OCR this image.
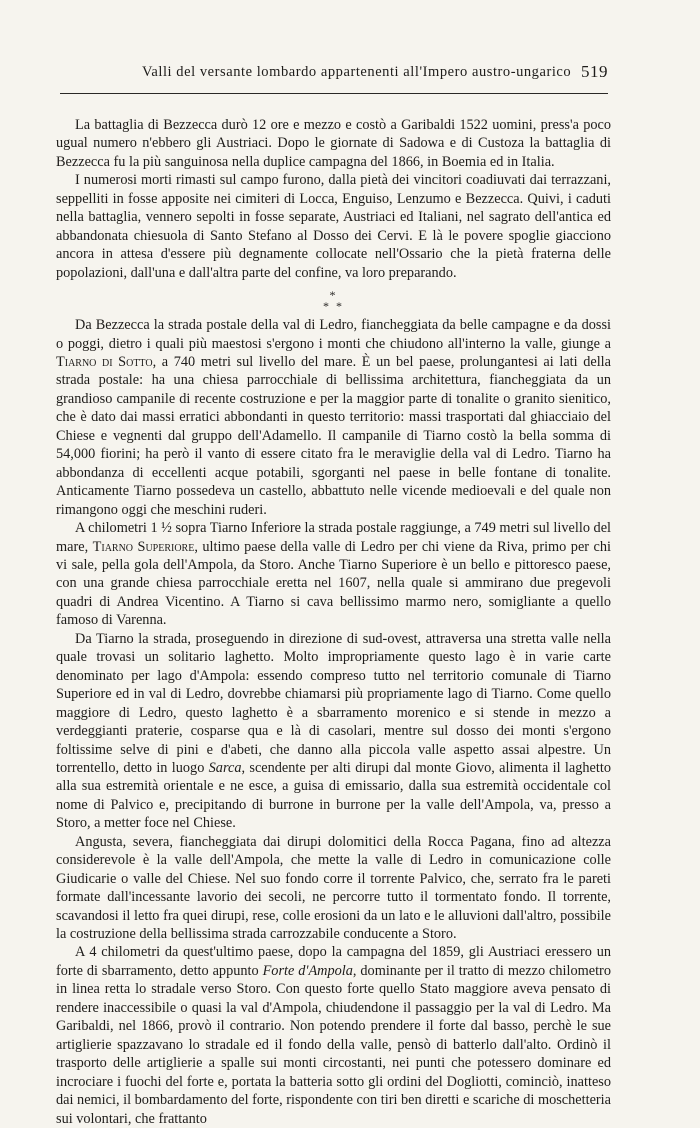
Valli del versante lombardo appartenenti all'Impero austro-ungarico 519

La battaglia di Bezzecca durò 12 ore e mezzo e costò a Garibaldi 1522 uomini, press'a poco ugual numero n'ebbero gli Austriaci. Dopo le giornate di Sadowa e di Custoza la battaglia di Bezzecca fu la più sanguinosa nella duplice campagna del 1866, in Boemia ed in Italia.

I numerosi morti rimasti sul campo furono, dalla pietà dei vincitori coadiuvati dai terrazzani, seppelliti in fosse apposite nei cimiteri di Locca, Enguiso, Lenzumo e Bezzecca. Quivi, i caduti nella battaglia, vennero sepolti in fosse separate, Austriaci ed Italiani, nel sagrato dell'antica ed abbandonata chiesuola di Santo Stefano al Dosso dei Cervi. E là le povere spoglie giacciono ancora in attesa d'essere più degnamente collocate nell'Ossario che la pietà fraterna delle popolazioni, dall'una e dall'altra parte del confine, va loro preparando.

*
* *

Da Bezzecca la strada postale della val di Ledro, fiancheggiata da belle campagne e da dossi o poggi, dietro i quali più maestosi s'ergono i monti che chiudono all'interno la valle, giunge a Tiarno di Sotto, a 740 metri sul livello del mare. È un bel paese, prolungantesi ai lati della strada postale: ha una chiesa parrocchiale di bellissima architettura, fiancheggiata da un grandioso campanile di recente costruzione e per la maggior parte di tonalite o granito sienitico, che è dato dai massi erratici abbondanti in questo territorio: massi trasportati dal ghiacciaio del Chiese e vegnenti dal gruppo dell'Adamello. Il campanile di Tiarno costò la bella somma di 54,000 fiorini; ha però il vanto di essere citato fra le meraviglie della val di Ledro. Tiarno ha abbondanza di eccellenti acque potabili, sgorganti nel paese in belle fontane di tonalite. Anticamente Tiarno possedeva un castello, abbattuto nelle vicende medioevali e del quale non rimangono oggi che meschini ruderi.

A chilometri 1 ½ sopra Tiarno Inferiore la strada postale raggiunge, a 749 metri sul livello del mare, Tiarno Superiore, ultimo paese della valle di Ledro per chi viene da Riva, primo per chi vi sale, pella gola dell'Ampola, da Storo. Anche Tiarno Superiore è un bello e pittoresco paese, con una grande chiesa parrocchiale eretta nel 1607, nella quale si ammirano due pregevoli quadri di Andrea Vicentino. A Tiarno si cava bellissimo marmo nero, somigliante a quello famoso di Varenna.

Da Tiarno la strada, proseguendo in direzione di sud-ovest, attraversa una stretta valle nella quale trovasi un solitario laghetto. Molto impropriamente questo lago è in varie carte denominato per lago d'Ampola: essendo compreso tutto nel territorio comunale di Tiarno Superiore ed in val di Ledro, dovrebbe chiamarsi più propriamente lago di Tiarno. Come quello maggiore di Ledro, questo laghetto è a sbarramento morenico e si stende in mezzo a verdeggianti praterie, cosparse qua e là di casolari, mentre sul dosso dei monti s'ergono foltissime selve di pini e d'abeti, che danno alla piccola valle aspetto assai alpestre. Un torrentello, detto in luogo Sarca, scendente per alti dirupi dal monte Giovo, alimenta il laghetto alla sua estremità orientale e ne esce, a guisa di emissario, dalla sua estremità occidentale col nome di Palvico e, precipitando di burrone in burrone per la valle dell'Ampola, va, presso a Storo, a metter foce nel Chiese.

Angusta, severa, fiancheggiata dai dirupi dolomitici della Rocca Pagana, fino ad altezza considerevole è la valle dell'Ampola, che mette la valle di Ledro in comunicazione colle Giudicarie o valle del Chiese. Nel suo fondo corre il torrente Palvico, che, serrato fra le pareti formate dall'incessante lavorio dei secoli, ne percorre tutto il tormentato fondo. Il torrente, scavandosi il letto fra quei dirupi, rese, colle erosioni da un lato e le alluvioni dall'altro, possibile la costruzione della bellissima strada carrozzabile conducente a Storo.

A 4 chilometri da quest'ultimo paese, dopo la campagna del 1859, gli Austriaci eressero un forte di sbarramento, detto appunto Forte d'Ampola, dominante per il tratto di mezzo chilometro in linea retta lo stradale verso Storo. Con questo forte quello Stato maggiore aveva pensato di rendere inaccessibile o quasi la val d'Ampola, chiudendone il passaggio per la val di Ledro. Ma Garibaldi, nel 1866, provò il contrario. Non potendo prendere il forte dal basso, perchè le sue artiglierie spazzavano lo stradale ed il fondo della valle, pensò di batterlo dall'alto. Ordinò il trasporto delle artiglierie a spalle sui monti circostanti, nei punti che potessero dominare ed incrociare i fuochi del forte e, portata la batteria sotto gli ordini del Dogliotti, cominciò, inatteso dai nemici, il bombardamento del forte, rispondente con tiri ben diretti e scariche di moschetteria sui volontari, che frattanto
